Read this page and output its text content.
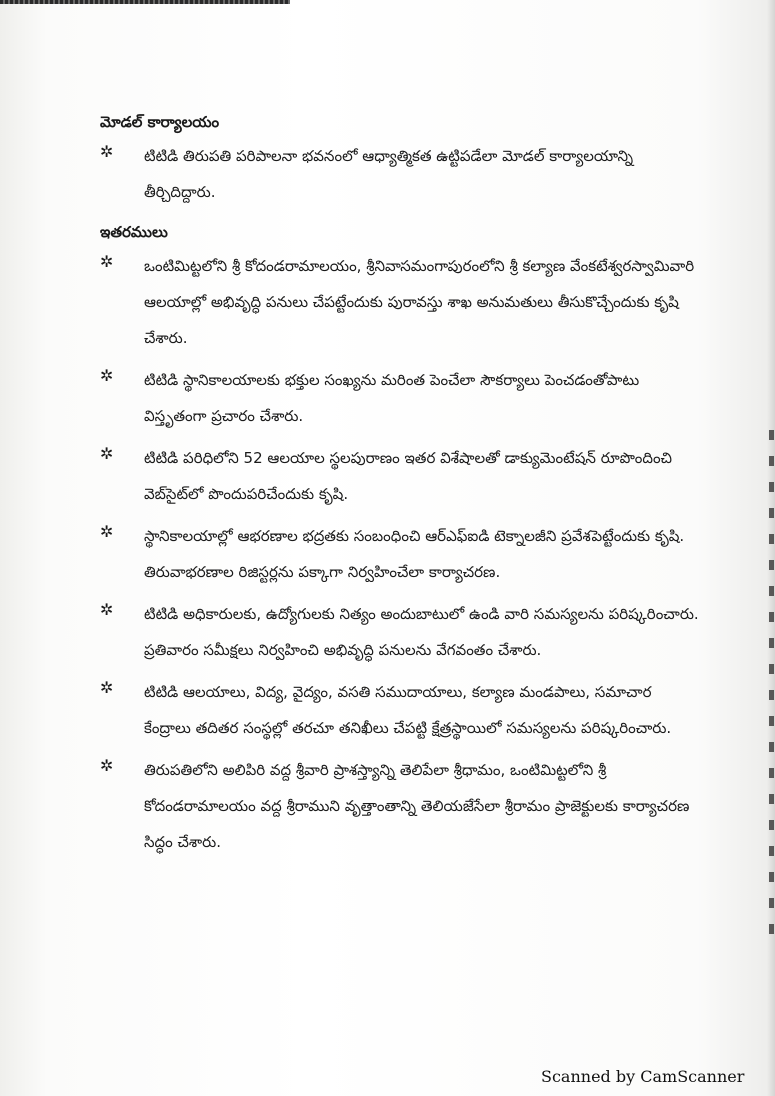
మోడల్ కార్యాలయం
✲	టిటిడి తిరుపతి పరిపాలనా భవనంలో ఆధ్యాత్మికత ఉట్టిపడేలా మోడల్ కార్యాలయాన్ని తీర్చిదిద్దారు.
ఇతరములు
✲	ఒంటిమిట్టలోని శ్రీ కోదండరామాలయం, శ్రీనివాసమంగాపురంలోని శ్రీ కల్యాణ వేంకటేశ్వరస్వామివారి ఆలయాల్లో అభివృద్ధి పనులు చేపట్టేందుకు పురావస్తు శాఖ అనుమతులు తీసుకొచ్చేందుకు కృషి చేశారు.
✲	టిటిడి స్థానికాలయాలకు భక్తుల సంఖ్యను మరింత పెంచేలా సౌకర్యాలు పెంచడంతోపాటు విస్తృతంగా ప్రచారం చేశారు.
✲	టిటిడి పరిధిలోని 52 ఆలయాల స్థలపురాణం ఇతర విశేషాలతో డాక్యుమెంటేషన్ రూపొందించి వెబ్‌సైట్‌లో పొందుపరిచేందుకు కృషి.
✲	స్థానికాలయాల్లో ఆభరణాల భద్రతకు సంబంధించి ఆర్‌ఎఫ్‌ఐడి టెక్నాలజీని ప్రవేశపెట్టేందుకు కృషి. తిరువాభరణాల రిజిస్టర్లను పక్కాగా నిర్వహించేలా కార్యాచరణ.
✲	టిటిడి అధికారులకు, ఉద్యోగులకు నిత్యం అందుబాటులో ఉండి వారి సమస్యలను పరిష్కరించారు. ప్రతివారం సమీక్షలు నిర్వహించి అభివృద్ధి పనులను వేగవంతం చేశారు.
✲	టిటిడి ఆలయాలు, విద్య, వైద్యం, వసతి సముదాయాలు, కల్యాణ మండపాలు, సమాచార కేంద్రాలు తదితర సంస్థల్లో తరచూ తనిఖీలు చేపట్టి క్షేత్రస్థాయిలో సమస్యలను పరిష్కరించారు.
✲	తిరుపతిలోని అలిపిరి వద్ద శ్రీవారి ప్రాశస్త్యాన్ని తెలిపేలా శ్రీధామం, ఒంటిమిట్టలోని శ్రీ కోదండరామాలయం వద్ద శ్రీరాముని వృత్తాంతాన్ని తెలియజేసేలా శ్రీరామం ప్రాజెక్టులకు కార్యాచరణ సిద్ధం చేశారు.
Scanned by CamScanner
